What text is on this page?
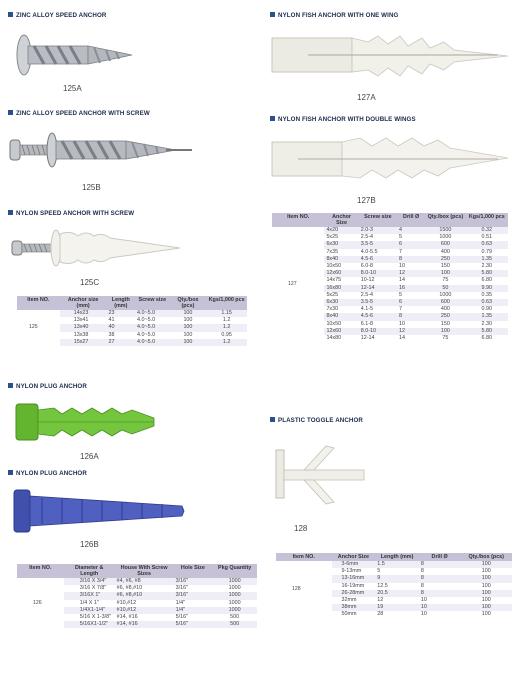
ZINC ALLOY SPEED ANCHOR
125A
ZINC ALLOY SPEED ANCHOR WITH SCREW
125B
NYLON SPEED ANCHOR WITH SCREW
125C
Item NO.	Anchor size (mm)	Length (mm)	Screw size	Qty./box (pcs)	Kgs/1,000 pcs
125	14x23	23	4.0~5.0	100	1.15
	13x41	41	4.0~5.0	100	1.2
	13x40	40	4.0~5.0	100	1.2
	13x38	38	4.0~5.0	100	0.95
	15x27	27	4.0~5.0	100	1.2
NYLON PLUG ANCHOR
126A
NYLON PLUG ANCHOR
126B
Item NO.	Diameter & Length	House With Screw Sizes	Hole Size	Pkg Quantity
126	3/16 X 3/4"	#4, #6, #8	3/16"	1000
	3/16 X 7/8"	#6, #8,#10	3/16"	1000
	3/16X 1"	#6, #8,#10	3/16"	1000
	1/4 X 1"	#10,#12	1/4"	1000
	1/4X1-1/4"	#10,#12	1/4"	1000
	5/16 X 1-3/8"	#14, #16	5/16"	500
	5/16X1-1/2"	#14, #16	5/16"	500
NYLON FISH ANCHOR WITH ONE WING
127A
NYLON FISH ANCHOR WITH DOUBLE WINGS
127B
Item NO.	Anchor Size	Screw size	Drill Ø	Qty./box (pcs)	Kgs/1,000 pcs
127	4x20	2.0-3	4	1500	0.32
	5x25	2.5-4	5	1000	0.51
	6x30	3.5-5	6	600	0.63
	7x35	4.0-5.5	7	400	0.79
	8x40	4.5-6	8	250	1.35
	10x50	6.0-8	10	150	2.30
	12x60	8.0-10	12	100	5.80
	14x75	10-12	14	75	6.80
	16x80	12-14	16	50	9.90
	5x25	2.5-4	5	1000	0.35
	6x30	3.5-5	6	600	0.63
	7x30	4.1-5	7	400	0.90
	8x40	4.5-6	8	250	1.35
	10x50	6.1-8	10	150	2.30
	12x60	8.0-10	12	100	5.80
	14x80	12-14	14	75	6.80
PLASTIC TOGGLE ANCHOR
128
Item NO.	Anchor Size	Length (mm)	Drill Ø	Qty./box (pcs)
128	3-6mm	1.5	8	100
	9-13mm	5	8	100
	13-16mm	9	8	100
	16-19mm	12.5	8	100
	26-28mm	20.5	8	100
	32mm	12	10	100
	38mm	19	10	100
	50mm	28	10	100
